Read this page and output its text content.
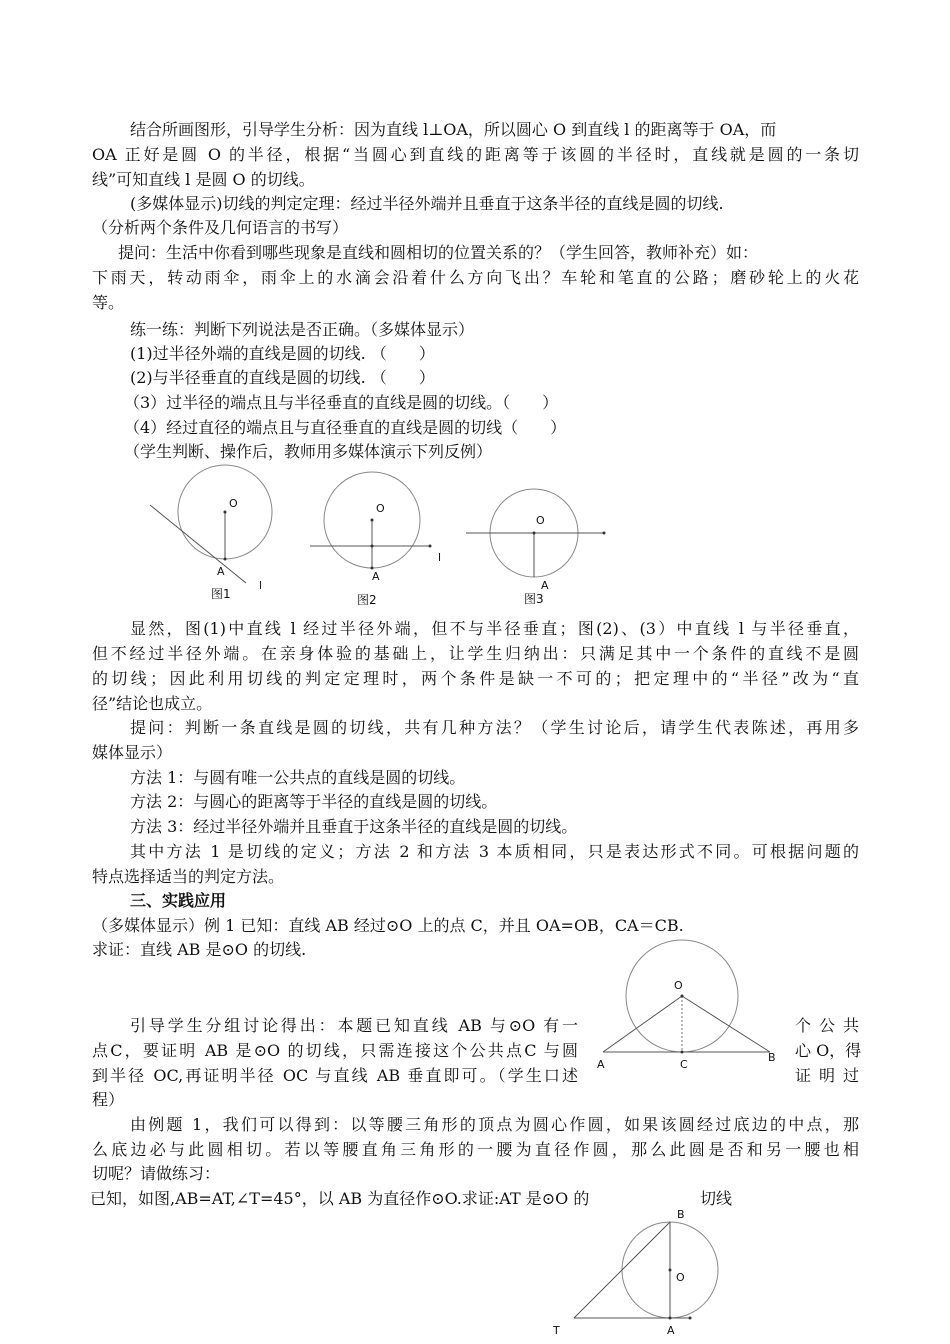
结合所画图形，引导学生分析：因为直线 l⊥OA，所以圆心 O 到直线 l 的距离等于 OA，而
OA 正好是圆 O 的半径，根据“当圆心到直线的距离等于该圆的半径时，直线就是圆的一条切
线”可知直线 l 是圆 O 的切线。
(多媒体显示)切线的判定定理：经过半径外端并且垂直于这条半径的直线是圆的切线.
（分析两个条件及几何语言的书写）
提问：生活中你看到哪些现象是直线和圆相切的位置关系的？（学生回答，教师补充）如：
下雨天，转动雨伞，雨伞上的水滴会沿着什么方向飞出？车轮和笔直的公路；磨砂轮上的火花
等。
练一练：判断下列说法是否正确。（多媒体显示）
(1)过半径外端的直线是圆的切线. （　　）
(2)与半径垂直的直线是圆的切线. （　　）
（3）过半径的端点且与半径垂直的直线是圆的切线。（　　）
（4）经过直径的端点且与直径垂直的直线是圆的切线（　　）
（学生判断、操作后，教师用多媒体演示下列反例）
O
A
l
图1
O
A
l
图2
O
A
图3
O
A
B
C
B
O
T	A
显然，图(1)中直线 l 经过半径外端，但不与半径垂直；图(2)、(3）中直线 l 与半径垂直，
但不经过半径外端。在亲身体验的基础上，让学生归纳出：只满足其中一个条件的直线不是圆
的切线；因此利用切线的判定定理时，两个条件是缺一不可的；把定理中的“半径”改为“直
径”结论也成立。
提问：判断一条直线是圆的切线，共有几种方法？（学生讨论后，请学生代表陈述，再用多
媒体显示）
方法 1：与圆有唯一公共点的直线是圆的切线。
方法 2：与圆心的距离等于半径的直线是圆的切线。
方法 3：经过半径外端并且垂直于这条半径的直线是圆的切线。
其中方法 1 是切线的定义；方法 2 和方法 3 本质相同，只是表达形式不同。可根据问题的
特点选择适当的判定方法。
三、实践应用
（多媒体显示）例 1 已知：直线 AB 经过⊙O 上的点 C，并且 OA=OB，CA＝CB.
求证：直线 AB 是⊙O 的切线.
引导学生分组讨论得出：本题已知直线 AB 与⊙O 有一	个 公 共
点C，要证明 AB 是⊙O 的切线，只需连接这个公共点C 与圆	心 O，得
到半径 OC,再证明半径 OC 与直线 AB 垂直即可。（学生口述	证 明 过
程）
由例题 1，我们可以得到：以等腰三角形的顶点为圆心作圆，如果该圆经过底边的中点，那
么底边必与此圆相切。若以等腰直角三角形的一腰为直径作圆，那么此圆是否和另一腰也相
切呢？请做练习：
已知，如图,AB=AT,∠T=45°，以 AB 为直径作⊙O.求证:AT 是⊙O 的	切线
